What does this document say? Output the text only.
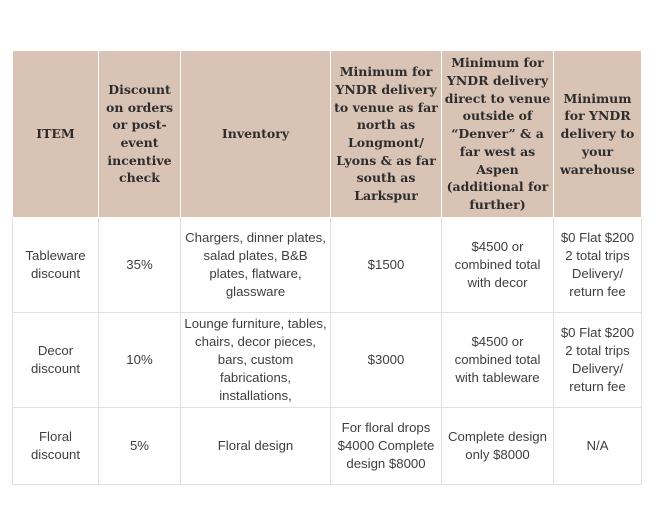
ITEM	Discount on orders or post-event incentive check	Inventory	Minimum for YNDR delivery to venue as far north as Longmont/ Lyons & as far south as Larkspur	Minimum for YNDR delivery direct to venue outside of “Denver” & a far west as Aspen (additional for further)	Minimum for YNDR delivery to your warehouse
Tableware discount	35%	Chargers, dinner plates, salad plates, B&B plates, flatware, glassware	$1500	$4500 or combined total with decor	$0 Flat $200 2 total trips Delivery/ return fee
Decor discount	10%	Lounge furniture, tables, chairs, decor pieces, bars, custom fabrications, installations,	$3000	$4500 or combined total with tableware	$0 Flat $200 2 total trips Delivery/ return fee
Floral discount	5%	Floral design	For floral drops $4000 Complete design $8000	Complete design only $8000	N/A
